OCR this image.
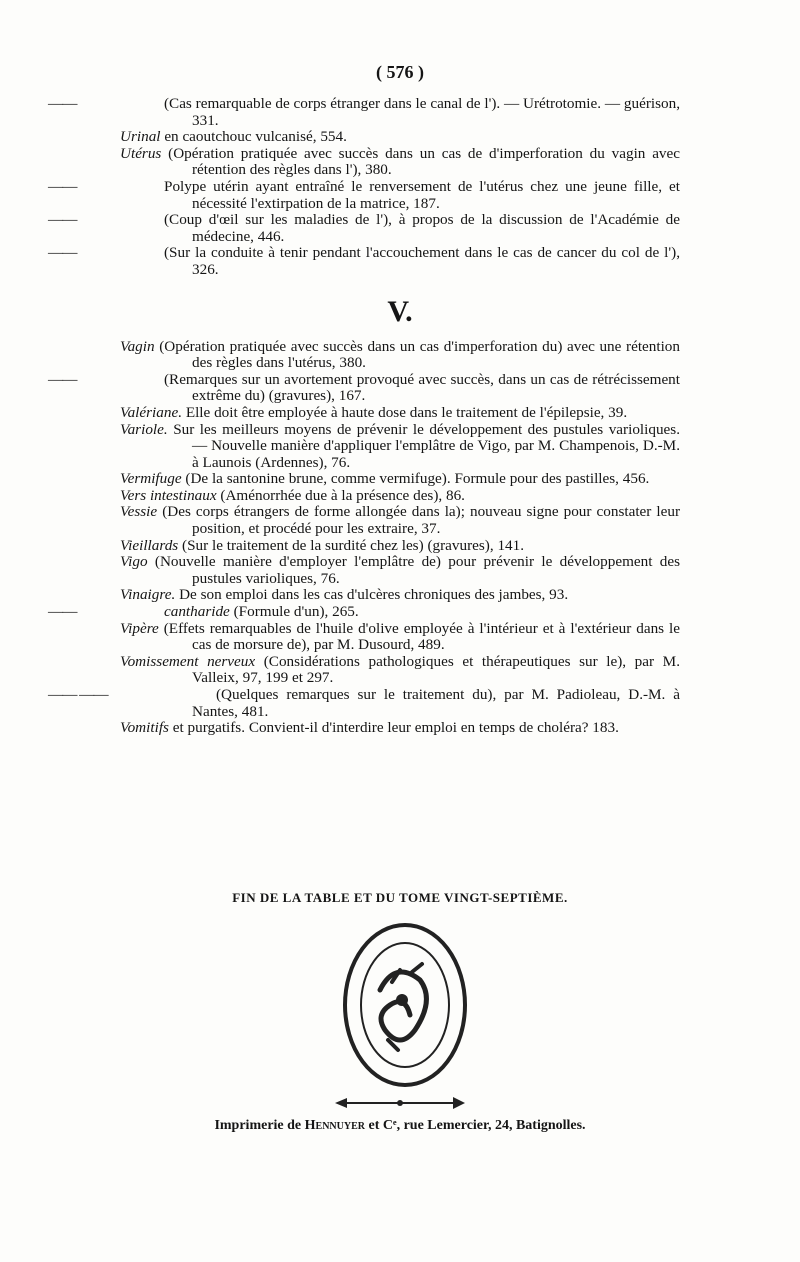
( 576 )

——	(Cas remarquable de corps étranger dans le canal de l'). — Urétrotomie. — guérison, 331.

Urinal en caoutchouc vulcanisé, 554.

Utérus (Opération pratiquée avec succès dans un cas de d'imperforation du vagin avec rétention des règles dans l'), 380.

——	Polype utérin ayant entraîné le renversement de l'utérus chez une jeune fille, et nécessité l'extirpation de la matrice, 187.

——	(Coup d'œil sur les maladies de l'), à propos de la discussion de l'Académie de médecine, 446.

——	(Sur la conduite à tenir pendant l'accouchement dans le cas de cancer du col de l'), 326.

V.

Vagin (Opération pratiquée avec succès dans un cas d'imperforation du) avec une rétention des règles dans l'utérus, 380.

——	(Remarques sur un avortement provoqué avec succès, dans un cas de rétrécissement extrême du) (gravures), 167.

Valériane. Elle doit être employée à haute dose dans le traitement de l'épilepsie, 39.

Variole. Sur les meilleurs moyens de prévenir le développement des pustules varioliques. — Nouvelle manière d'appliquer l'emplâtre de Vigo, par M. Champenois, D.-M. à Launois (Ardennes), 76.

Vermifuge (De la santonine brune, comme vermifuge). Formule pour des pastilles, 456.

Vers intestinaux (Aménorrhée due à la présence des), 86.

Vessie (Des corps étrangers de forme allongée dans la); nouveau signe pour constater leur position, et procédé pour les extraire, 37.

Vieillards (Sur le traitement de la surdité chez les) (gravures), 141.

Vigo (Nouvelle manière d'employer l'emplâtre de) pour prévenir le développement des pustules varioliques, 76.

Vinaigre. De son emploi dans les cas d'ulcères chroniques des jambes, 93.

——	cantharide (Formule d'un), 265.

Vipère (Effets remarquables de l'huile d'olive employée à l'intérieur et à l'extérieur dans le cas de morsure de), par M. Dusourd, 489.

Vomissement nerveux (Considérations pathologiques et thérapeutiques sur le), par M. Valleix, 97, 199 et 297.

—— ——	(Quelques remarques sur le traitement du), par M. Padioleau, D.-M. à Nantes, 481.

Vomitifs et purgatifs. Convient-il d'interdire leur emploi en temps de choléra? 183.

FIN DE LA TABLE ET DU TOME VINGT-SEPTIÈME.
Imprimerie de Hennuyer et Cᵉ, rue Lemercier, 24, Batignolles.
